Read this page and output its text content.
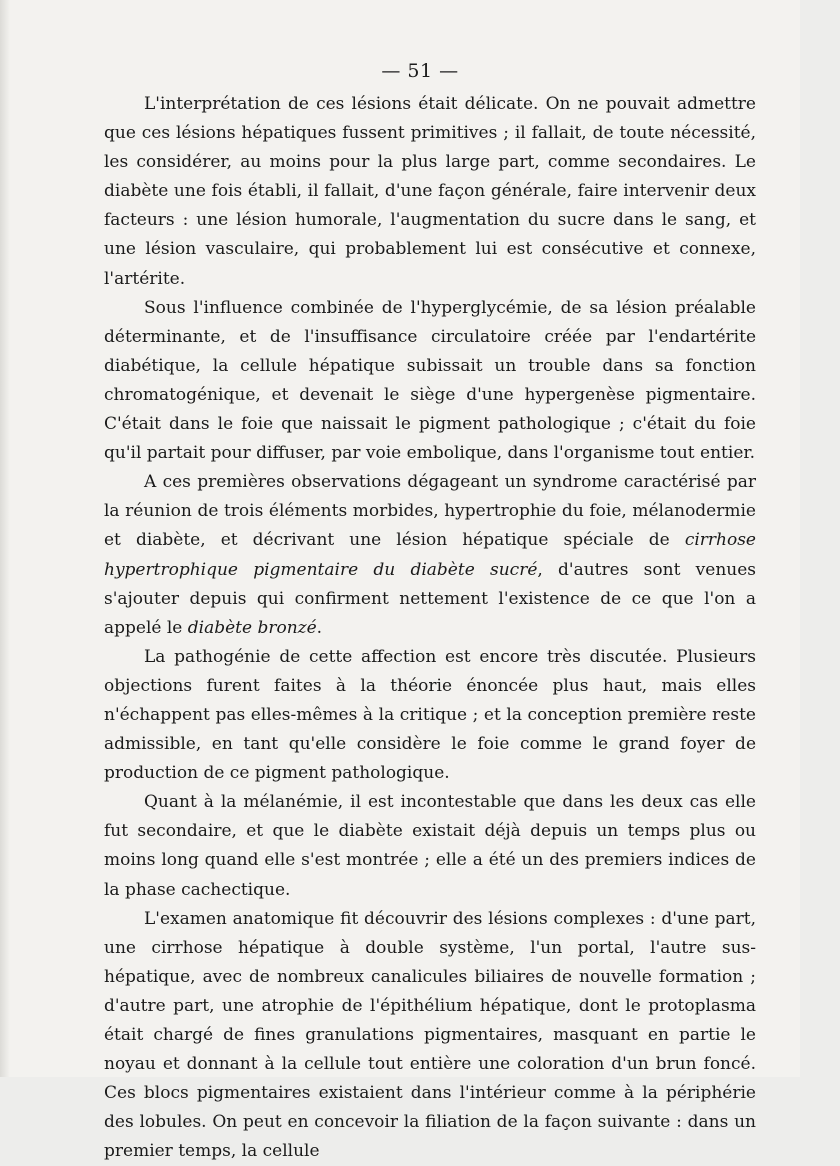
— 51 —

L'interprétation de ces lésions était délicate. On ne pouvait admettre que ces lésions hépatiques fussent primitives ; il fallait, de toute nécessité, les considérer, au moins pour la plus large part, comme secondaires. Le diabète une fois établi, il fallait, d'une façon générale, faire intervenir deux facteurs : une lésion humorale, l'augmentation du sucre dans le sang, et une lésion vasculaire, qui probablement lui est consécutive et connexe, l'artérite.

Sous l'influence combinée de l'hyperglycémie, de sa lésion préalable déterminante, et de l'insuffisance circulatoire créée par l'endartérite diabétique, la cellule hépatique subissait un trouble dans sa fonction chromatogénique, et devenait le siège d'une hypergenèse pigmentaire. C'était dans le foie que naissait le pigment pathologique ; c'était du foie qu'il partait pour diffuser, par voie embolique, dans l'organisme tout entier.

A ces premières observations dégageant un syndrome caractérisé par la réunion de trois éléments morbides, hypertrophie du foie, mélanodermie et diabète, et décrivant une lésion hépatique spéciale de cirrhose hypertrophique pigmentaire du diabète sucré, d'autres sont venues s'ajouter depuis qui confirment nettement l'existence de ce que l'on a appelé le diabète bronzé.

La pathogénie de cette affection est encore très discutée. Plusieurs objections furent faites à la théorie énoncée plus haut, mais elles n'échappent pas elles-mêmes à la critique ; et la conception première reste admissible, en tant qu'elle considère le foie comme le grand foyer de production de ce pigment pathologique.

Quant à la mélanémie, il est incontestable que dans les deux cas elle fut secondaire, et que le diabète existait déjà depuis un temps plus ou moins long quand elle s'est montrée ; elle a été un des premiers indices de la phase cachectique.

L'examen anatomique fit découvrir des lésions complexes : d'une part, une cirrhose hépatique à double système, l'un portal, l'autre sus-hépatique, avec de nombreux canalicules biliaires de nouvelle formation ; d'autre part, une atrophie de l'épithélium hépatique, dont le protoplasma était chargé de fines granulations pigmentaires, masquant en partie le noyau et donnant à la cellule tout entière une coloration d'un brun foncé. Ces blocs pigmentaires existaient dans l'intérieur comme à la périphérie des lobules. On peut en concevoir la filiation de la façon suivante : dans un premier temps, la cellule
